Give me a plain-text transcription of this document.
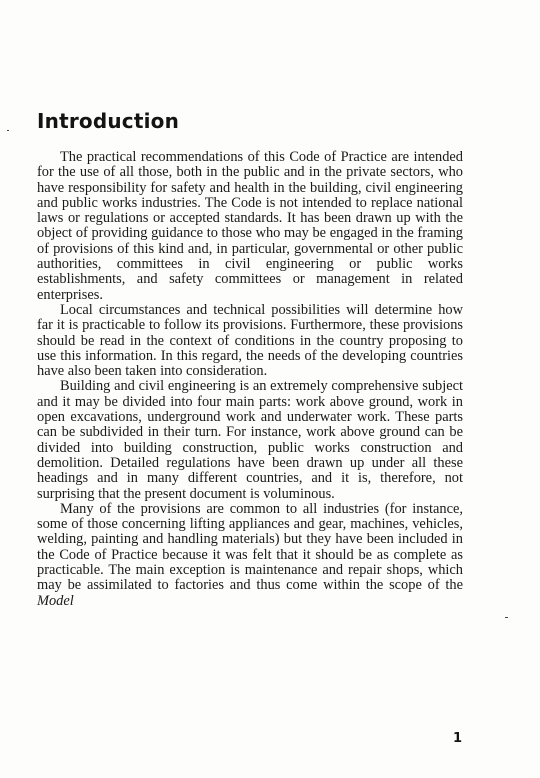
Introduction

The practical recommendations of this Code of Practice are intended for the use of all those, both in the public and in the private sectors, who have responsibility for safety and health in the building, civil engineering and public works industries. The Code is not intended to replace national laws or regulations or accepted standards. It has been drawn up with the object of providing guidance to those who may be engaged in the framing of provisions of this kind and, in particular, governmental or other public authorities, committees in civil engineering or public works establishments, and safety committees or management in related enterprises.

Local circumstances and technical possibilities will determine how far it is practicable to follow its provisions. Furthermore, these provisions should be read in the context of conditions in the country proposing to use this information. In this regard, the needs of the developing countries have also been taken into consideration.

Building and civil engineering is an extremely comprehensive subject and it may be divided into four main parts: work above ground, work in open excavations, underground work and underwater work. These parts can be subdivided in their turn. For instance, work above ground can be divided into building construction, public works construction and demolition. Detailed regulations have been drawn up under all these headings and in many different countries, and it is, therefore, not surprising that the present document is voluminous.

Many of the provisions are common to all industries (for instance, some of those concerning lifting appliances and gear, machines, vehicles, welding, painting and handling materials) but they have been included in the Code of Practice because it was felt that it should be as complete as practicable. The main exception is maintenance and repair shops, which may be assimilated to factories and thus come within the scope of the Model

1
